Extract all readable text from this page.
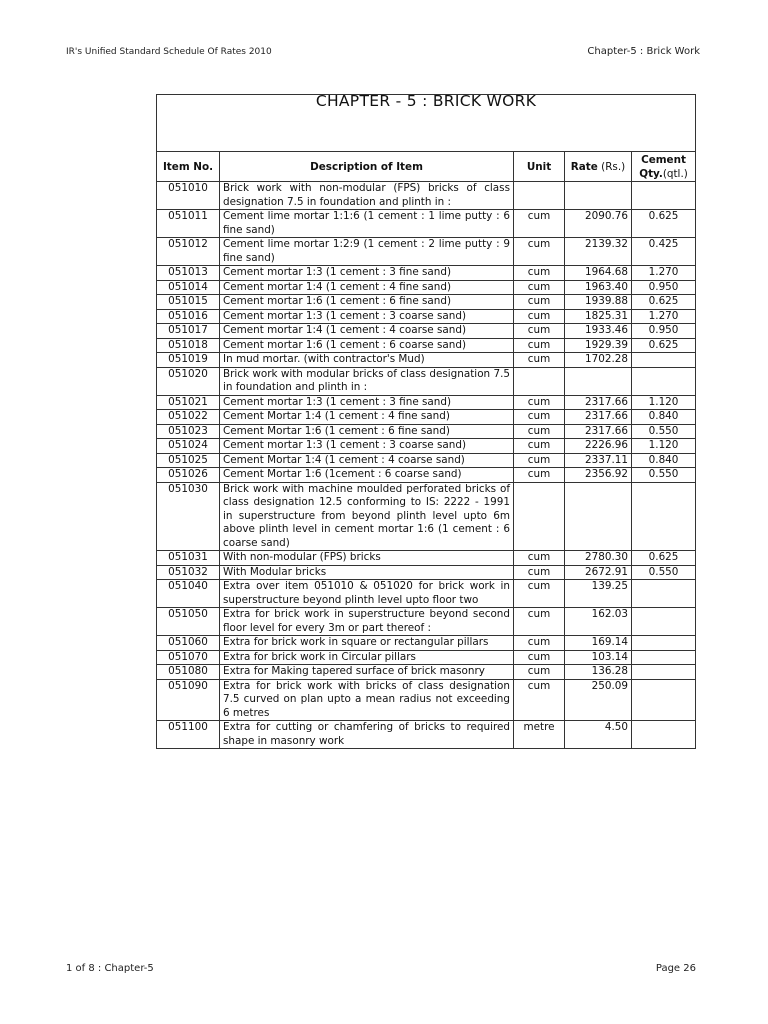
IR's Unified Standard Schedule Of Rates 2010	Chapter-5 : Brick Work
CHAPTER - 5 : BRICK WORK				
Item No.	Description of Item	Unit	Rate (Rs.)	Cement
Qty.(qtl.)
051010	Brick work with non-modular (FPS) bricks of class designation 7.5 in foundation and plinth in :			
051011	Cement lime mortar 1:1:6 (1 cement : 1 lime putty : 6 fine sand)	cum	2090.76	0.625
051012	Cement lime mortar 1:2:9 (1 cement : 2 lime putty : 9 fine sand)	cum	2139.32	0.425
051013	Cement mortar 1:3 (1 cement : 3 fine sand)	cum	1964.68	1.270
051014	Cement mortar 1:4 (1 cement : 4 fine sand)	cum	1963.40	0.950
051015	Cement mortar 1:6 (1 cement : 6 fine sand)	cum	1939.88	0.625
051016	Cement mortar 1:3 (1 cement : 3 coarse sand)	cum	1825.31	1.270
051017	Cement mortar 1:4 (1 cement : 4 coarse sand)	cum	1933.46	0.950
051018	Cement mortar 1:6 (1 cement : 6 coarse sand)	cum	1929.39	0.625
051019	In mud mortar. (with contractor's Mud)	cum	1702.28	
051020	Brick work with modular bricks of class designation 7.5 in foundation and plinth in :			
051021	Cement mortar 1:3 (1 cement : 3 fine sand)	cum	2317.66	1.120
051022	Cement Mortar 1:4 (1 cement : 4 fine sand)	cum	2317.66	0.840
051023	Cement Mortar 1:6 (1 cement : 6 fine sand)	cum	2317.66	0.550
051024	Cement mortar 1:3 (1 cement : 3 coarse sand)	cum	2226.96	1.120
051025	Cement Mortar 1:4 (1 cement : 4 coarse sand)	cum	2337.11	0.840
051026	Cement Mortar 1:6 (1cement : 6 coarse sand)	cum	2356.92	0.550
051030	Brick work with machine moulded perforated bricks of class designation 12.5 conforming to IS: 2222 - 1991 in superstructure from beyond plinth level upto 6m above plinth level in cement mortar 1:6 (1 cement : 6 coarse sand)			
051031	With non-modular (FPS) bricks	cum	2780.30	0.625
051032	With Modular bricks	cum	2672.91	0.550
051040	Extra over item 051010 & 051020 for brick work in superstructure beyond plinth level upto floor two	cum	139.25	
051050	Extra for brick work in superstructure beyond second floor level for every 3m or part thereof :	cum	162.03	
051060	Extra for brick work in square or rectangular pillars	cum	169.14	
051070	Extra for brick work in Circular pillars	cum	103.14	
051080	Extra for Making tapered surface of brick masonry	cum	136.28	
051090	Extra for brick work with bricks of class designation 7.5 curved on plan upto a mean radius not exceeding 6 metres	cum	250.09	
051100	Extra for cutting or chamfering of bricks to required shape in masonry work	metre	4.50	
1 of 8 : Chapter-5	Page 26
